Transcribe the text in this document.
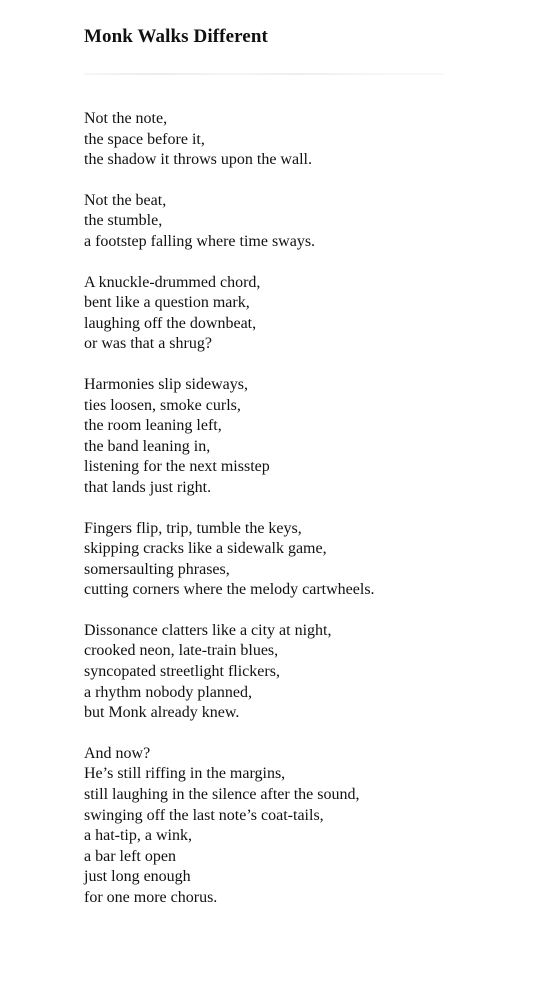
Monk Walks Different
Not the note,
the space before it,
the shadow it throws upon the wall.
Not the beat,
the stumble,
a footstep falling where time sways.
A knuckle-drummed chord,
bent like a question mark,
laughing off the downbeat,
or was that a shrug?
Harmonies slip sideways,
ties loosen, smoke curls,
the room leaning left,
the band leaning in,
listening for the next misstep
that lands just right.
Fingers flip, trip, tumble the keys,
skipping cracks like a sidewalk game,
somersaulting phrases,
cutting corners where the melody cartwheels.
Dissonance clatters like a city at night,
crooked neon, late-train blues,
syncopated streetlight flickers,
a rhythm nobody planned,
but Monk already knew.
And now?
He’s still riffing in the margins,
still laughing in the silence after the sound,
swinging off the last note’s coat-tails,
a hat-tip, a wink,
a bar left open
just long enough
for one more chorus.
